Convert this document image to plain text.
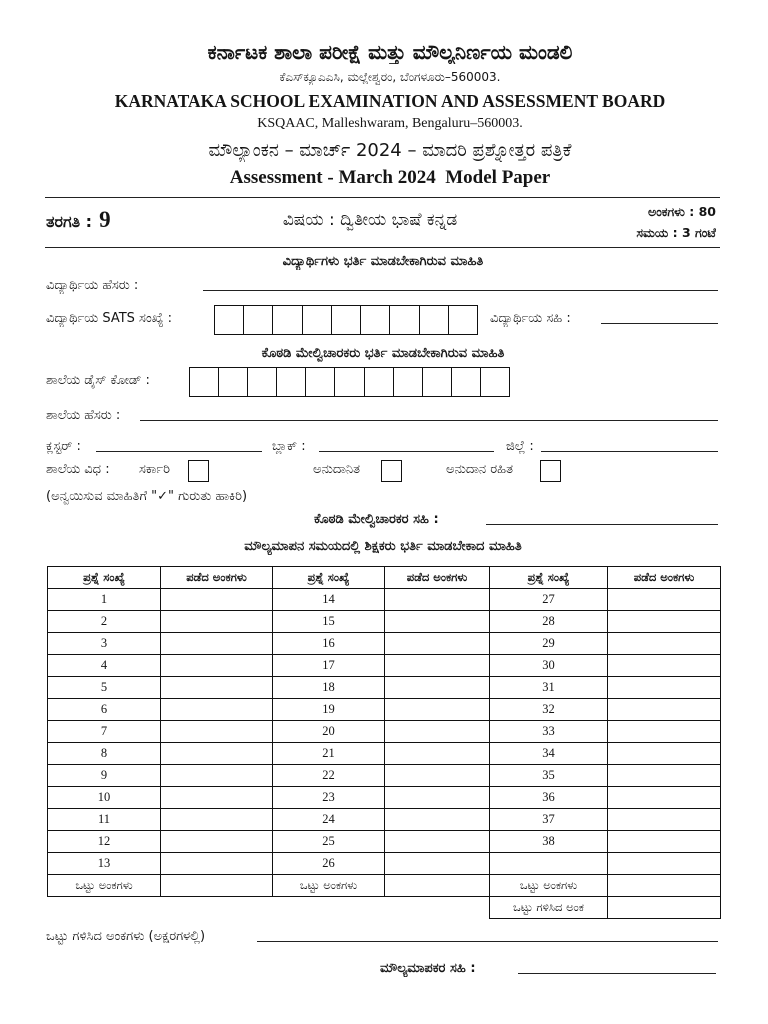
ಕರ್ನಾಟಕ ಶಾಲಾ ಪರೀಕ್ಷೆ ಮತ್ತು ಮೌಲ್ಯನಿರ್ಣಯ ಮಂಡಲಿ
ಕೆಎಸ್‌ಕ್ಯೂಎಎಸಿ, ಮಲ್ಲೇಶ್ವರಂ, ಬೆಂಗಳೂರು–560003.
KARNATAKA SCHOOL EXAMINATION AND ASSESSMENT BOARD
KSQAAC, Malleshwaram, Bengaluru–560003.
ಮೌಲ್ಯಾಂಕನ – ಮಾರ್ಚ್ 2024 – ಮಾದರಿ ಪ್ರಶ್ನೋತ್ತರ ಪತ್ರಿಕೆ
Assessment - March 2024  Model Paper
ತರಗತಿ : 9	ವಿಷಯ : ದ್ವಿತೀಯ ಭಾಷೆ ಕನ್ನಡ	ಅಂಕಗಳು : 80
ಸಮಯ : 3 ಗಂಟೆ
ವಿದ್ಯಾರ್ಥಿಗಳು ಭರ್ತಿ ಮಾಡಬೇಕಾಗಿರುವ ಮಾಹಿತಿ
ವಿದ್ಯಾರ್ಥಿಯ ಹೆಸರು :
ವಿದ್ಯಾರ್ಥಿಯ SATS ಸಂಖ್ಯೆ :	ವಿದ್ಯಾರ್ಥಿಯ ಸಹಿ :
ಕೊಠಡಿ ಮೇಲ್ವಿಚಾರಕರು ಭರ್ತಿ ಮಾಡಬೇಕಾಗಿರುವ ಮಾಹಿತಿ
ಶಾಲೆಯ ಡೈಸ್ ಕೋಡ್ :
ಶಾಲೆಯ ಹೆಸರು :
ಕ್ಲಸ್ಟರ್ :	ಬ್ಲಾಕ್ :	ಜಿಲ್ಲೆ :
ಶಾಲೆಯ ವಿಧ :	ಸರ್ಕಾರಿ	ಅನುದಾನಿತ	ಅನುದಾನ ರಹಿತ
(ಅನ್ವಯಿಸುವ ಮಾಹಿತಿಗೆ "✓" ಗುರುತು ಹಾಕಿರಿ)
ಕೊಠಡಿ ಮೇಲ್ವಿಚಾರಕರ ಸಹಿ :
ಮೌಲ್ಯಮಾಪನ ಸಮಯದಲ್ಲಿ ಶಿಕ್ಷಕರು ಭರ್ತಿ ಮಾಡಬೇಕಾದ ಮಾಹಿತಿ
ಪ್ರಶ್ನೆ ಸಂಖ್ಯೆ	ಪಡೆದ ಅಂಕಗಳು	ಪ್ರಶ್ನೆ ಸಂಖ್ಯೆ	ಪಡೆದ ಅಂಕಗಳು	ಪ್ರಶ್ನೆ ಸಂಖ್ಯೆ	ಪಡೆದ ಅಂಕಗಳು
1		14		27	
2		15		28	
3		16		29	
4		17		30	
5		18		31	
6		19		32	
7		20		33	
8		21		34	
9		22		35	
10		23		36	
11		24		37	
12		25		38	
13		26			
ಒಟ್ಟು ಅಂಕಗಳು		ಒಟ್ಟು ಅಂಕಗಳು		ಒಟ್ಟು ಅಂಕಗಳು	
				ಒಟ್ಟು ಗಳಿಸಿದ ಅಂಕ	
ಒಟ್ಟು ಗಳಿಸಿದ ಅಂಕಗಳು (ಅಕ್ಷರಗಳಲ್ಲಿ)
ಮೌಲ್ಯಮಾಪಕರ ಸಹಿ :
